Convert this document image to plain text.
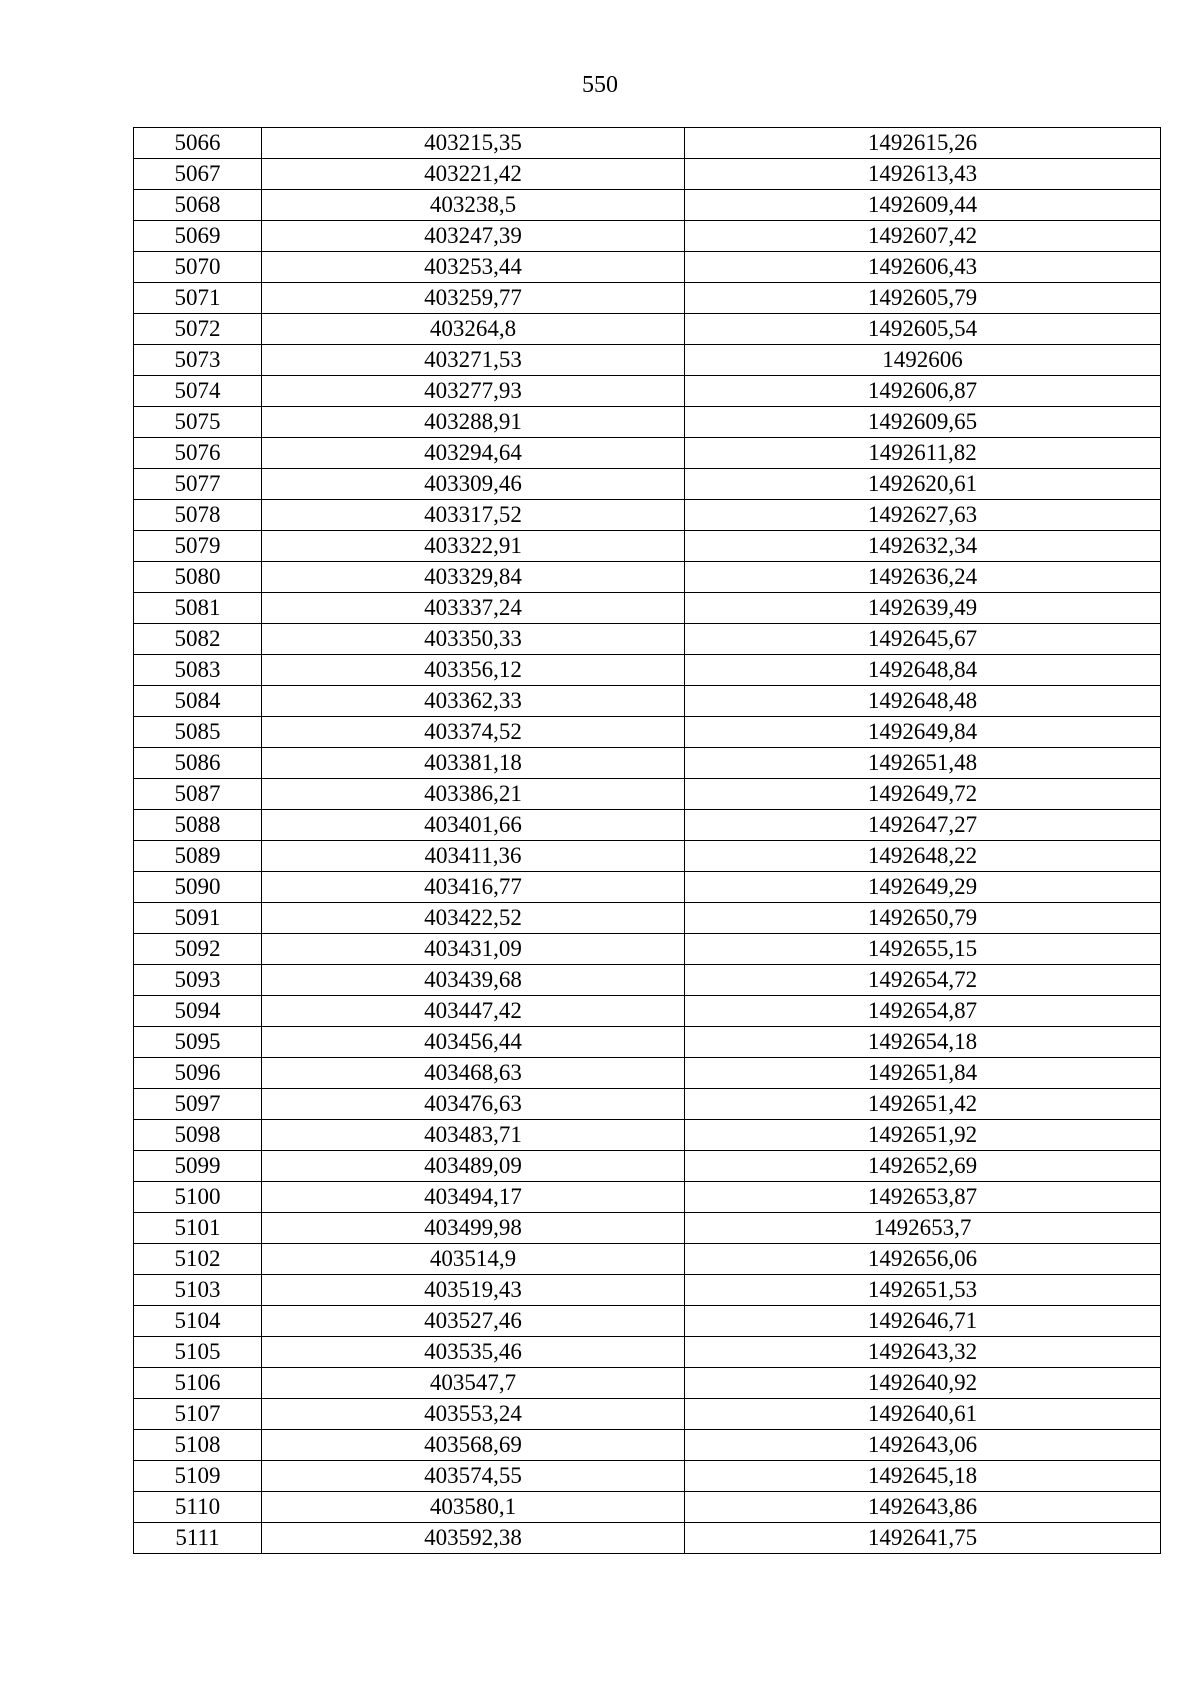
550
5066	403215,35	1492615,26
5067	403221,42	1492613,43
5068	403238,5	1492609,44
5069	403247,39	1492607,42
5070	403253,44	1492606,43
5071	403259,77	1492605,79
5072	403264,8	1492605,54
5073	403271,53	1492606
5074	403277,93	1492606,87
5075	403288,91	1492609,65
5076	403294,64	1492611,82
5077	403309,46	1492620,61
5078	403317,52	1492627,63
5079	403322,91	1492632,34
5080	403329,84	1492636,24
5081	403337,24	1492639,49
5082	403350,33	1492645,67
5083	403356,12	1492648,84
5084	403362,33	1492648,48
5085	403374,52	1492649,84
5086	403381,18	1492651,48
5087	403386,21	1492649,72
5088	403401,66	1492647,27
5089	403411,36	1492648,22
5090	403416,77	1492649,29
5091	403422,52	1492650,79
5092	403431,09	1492655,15
5093	403439,68	1492654,72
5094	403447,42	1492654,87
5095	403456,44	1492654,18
5096	403468,63	1492651,84
5097	403476,63	1492651,42
5098	403483,71	1492651,92
5099	403489,09	1492652,69
5100	403494,17	1492653,87
5101	403499,98	1492653,7
5102	403514,9	1492656,06
5103	403519,43	1492651,53
5104	403527,46	1492646,71
5105	403535,46	1492643,32
5106	403547,7	1492640,92
5107	403553,24	1492640,61
5108	403568,69	1492643,06
5109	403574,55	1492645,18
5110	403580,1	1492643,86
5111	403592,38	1492641,75
